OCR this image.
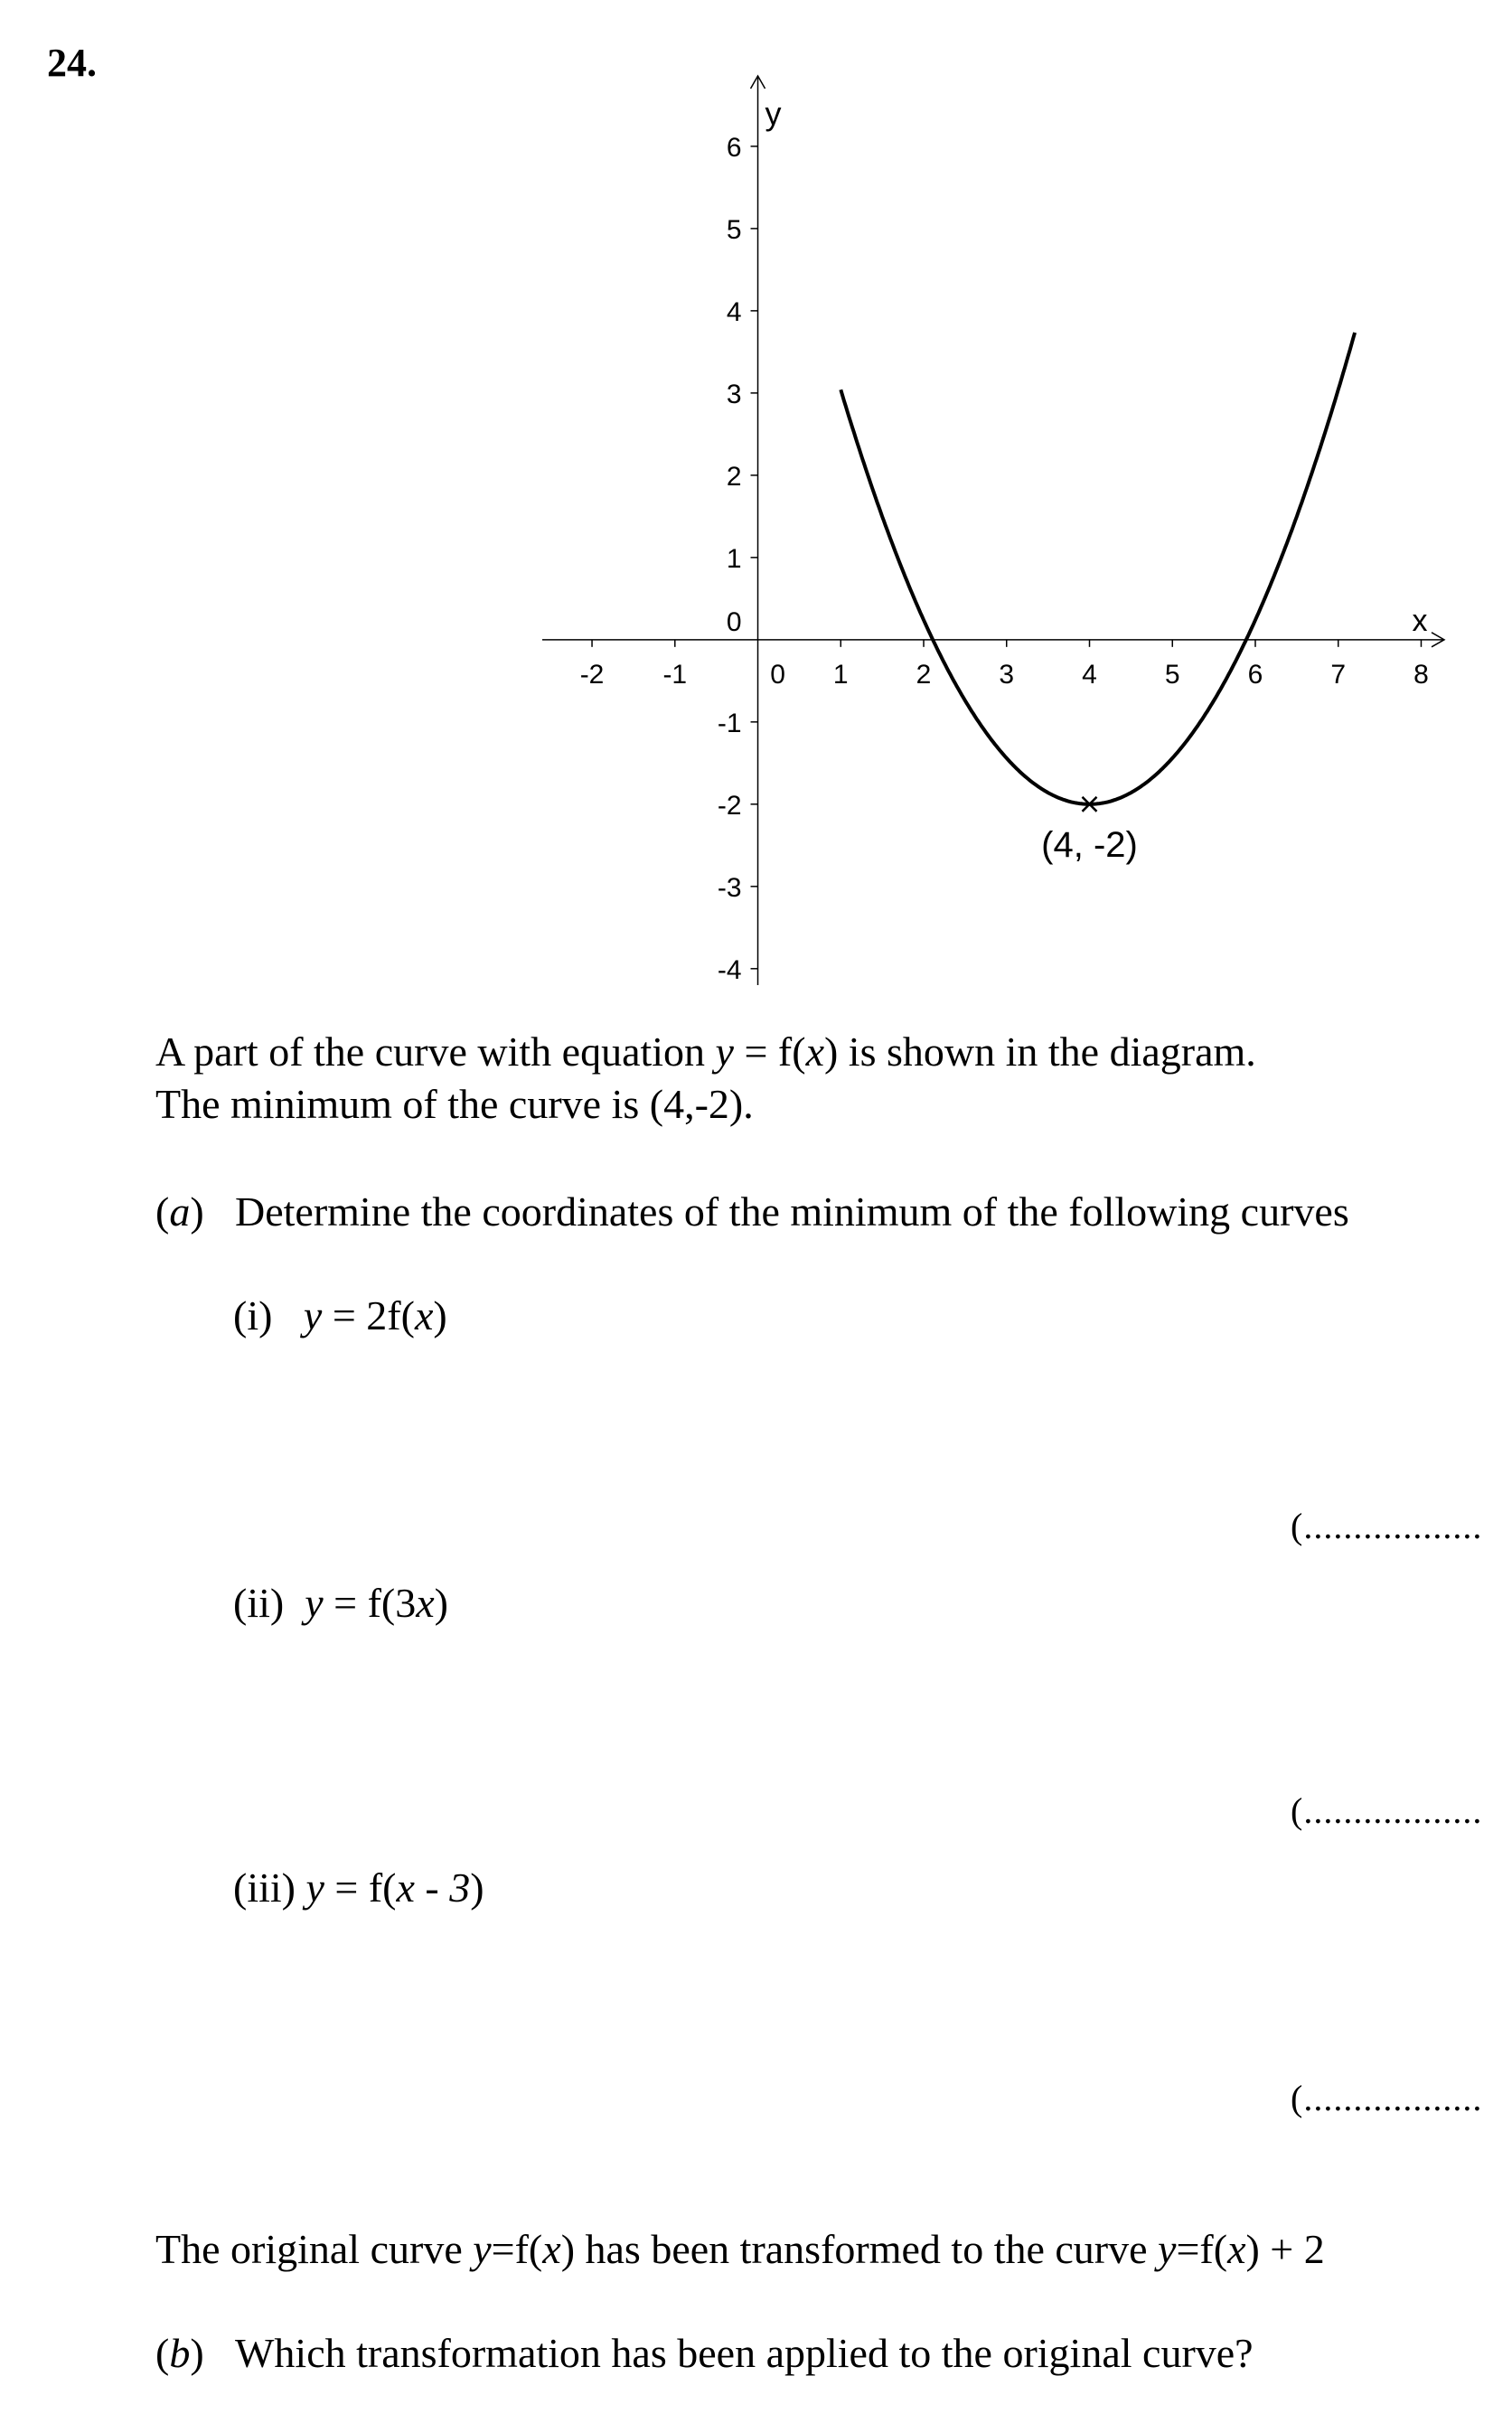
24.
-2 -1	0 1	2	3	4	5	6	7	8
6
5
4
3
2
1
0
-1
-2
-3
-4
(4, -2)
x
y
A part of the curve with equation y = f(x) is shown in the diagram.
The minimum of the curve is (4,-2).
(a) Determine the coordinates of the minimum of the following curves
(i) y = 2f(x)
(..................
(ii) y = f(3x)
(..................
(iii) y = f(x - 3)
(..................
The original curve y=f(x) has been transformed to the curve y=f(x) + 2
(b) Which transformation has been applied to the original curve?
